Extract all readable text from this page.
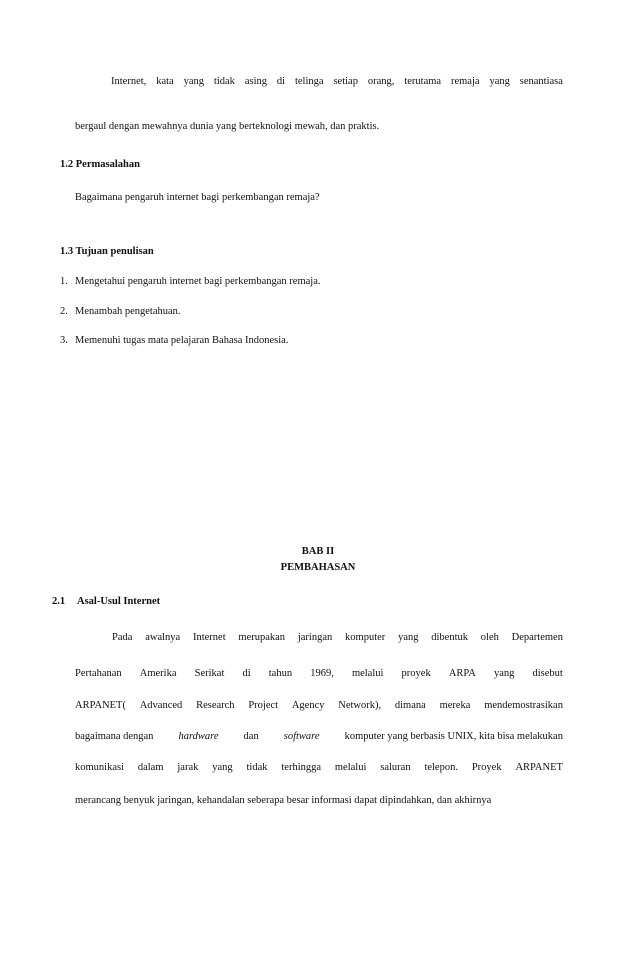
Internet, kata yang tidak asing di telinga setiap orang, terutama remaja yang senantiasa
bergaul dengan mewahnya dunia yang berteknologi mewah, dan praktis.
1.2 Permasalahan
Bagaimana pengaruh internet bagi perkembangan remaja?
1.3 Tujuan penulisan
1. Mengetahui pengaruh internet bagi perkembangan remaja.
2. Menambah pengetahuan.
3. Memenuhi tugas mata pelajaran Bahasa Indonesia.
BAB II
PEMBAHASAN
2.1 Asal-Usul Internet
Pada awalnya Internet merupakan jaringan komputer yang dibentuk oleh Departemen
Pertahanan Amerika Serikat di tahun 1969, melalui proyek ARPA yang disebut
ARPANET( Advanced Research Project Agency Network), dimana mereka mendemostrasikan
bagaimana dengan hardware dan software komputer yang berbasis UNIX, kita bisa melakukan
komunikasi dalam jarak yang tidak terhingga melalui saluran telepon. Proyek ARPANET
merancang benyuk jaringan, kehandalan seberapa besar informasi dapat dipindahkan, dan akhirnya
